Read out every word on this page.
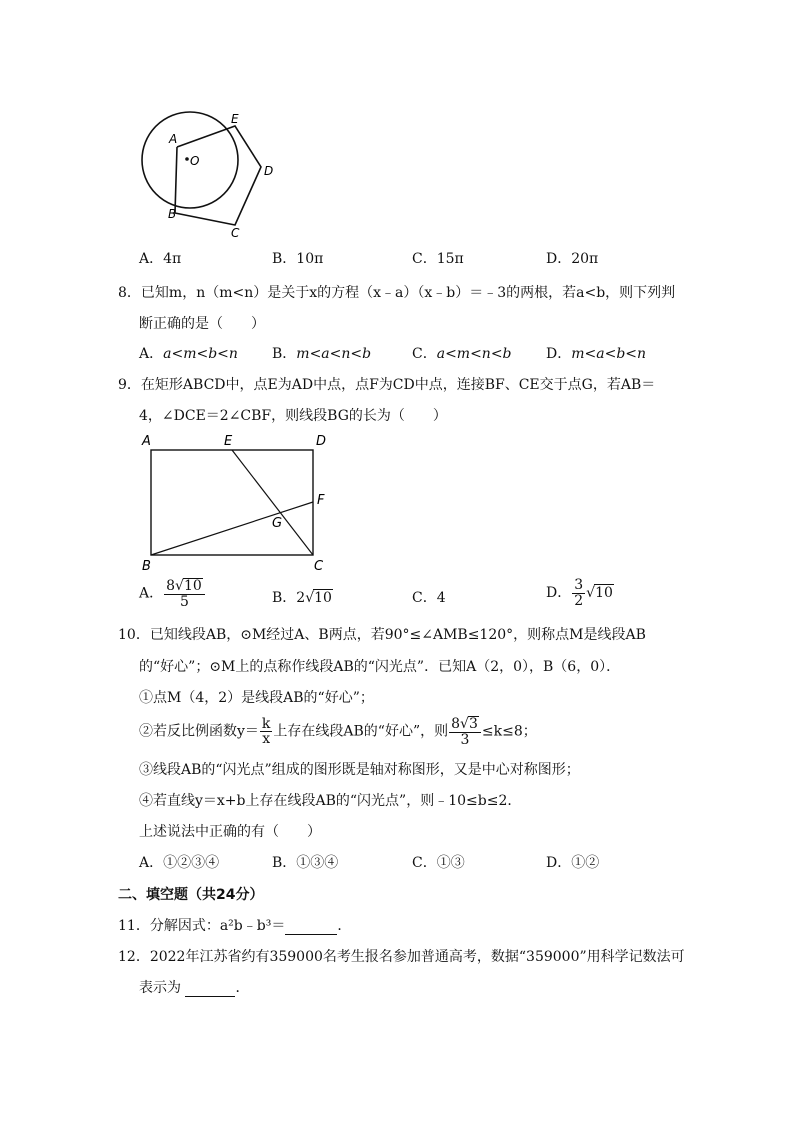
A
O
E
D
B
C
A．4π	B．10π	C．15π	D．20π
8．已知m，n（m<n）是关于x的方程（x﹣a）（x﹣b）＝﹣3的两根，若a<b，则下列判
断正确的是（　　）
A．a<m<b<n B．m<a<n<b	C．a<m<n<b D．m<a<b<n
9．在矩形ABCD中，点E为AD中点，点F为CD中点，连接BF、CE交于点G，若AB＝
4，∠DCE＝2∠CBF，则线段BG的长为（　　）
A	E	D
F
G
B	C
A． $\frac{8√10}{5}$	B．2√10	C．4	D． $\frac{3}{2} √10$
10．已知线段AB，⊙M经过A、B两点，若90°≤∠AMB≤120°，则称点M是线段AB
的“好心”；⊙M上的点称作线段AB的“闪光点”．已知A（2，0），B（6，0）．
①点M（4，2）是线段AB的“好心”；
②若反比例函数$y= \frac{k}{x}$ 上存在线段AB的“好心”，则 $\frac{8√3}{3} \le k\le 8$；
③线段AB的“闪光点”组成的图形既是轴对称图形，又是中心对称图形；
④若直线y＝x+b上存在线段AB的“闪光点”，则﹣10≤b≤2．
上述说法中正确的有（　　）
A．①②③④	B．①③④	C．①③	D．①②
二、填空题（共24分）
11．分解因式：a²b﹣b³＝	．
12．2022年江苏省约有359000名考生报名参加普通高考，数据“359000”用科学记数法可
表示为	．
